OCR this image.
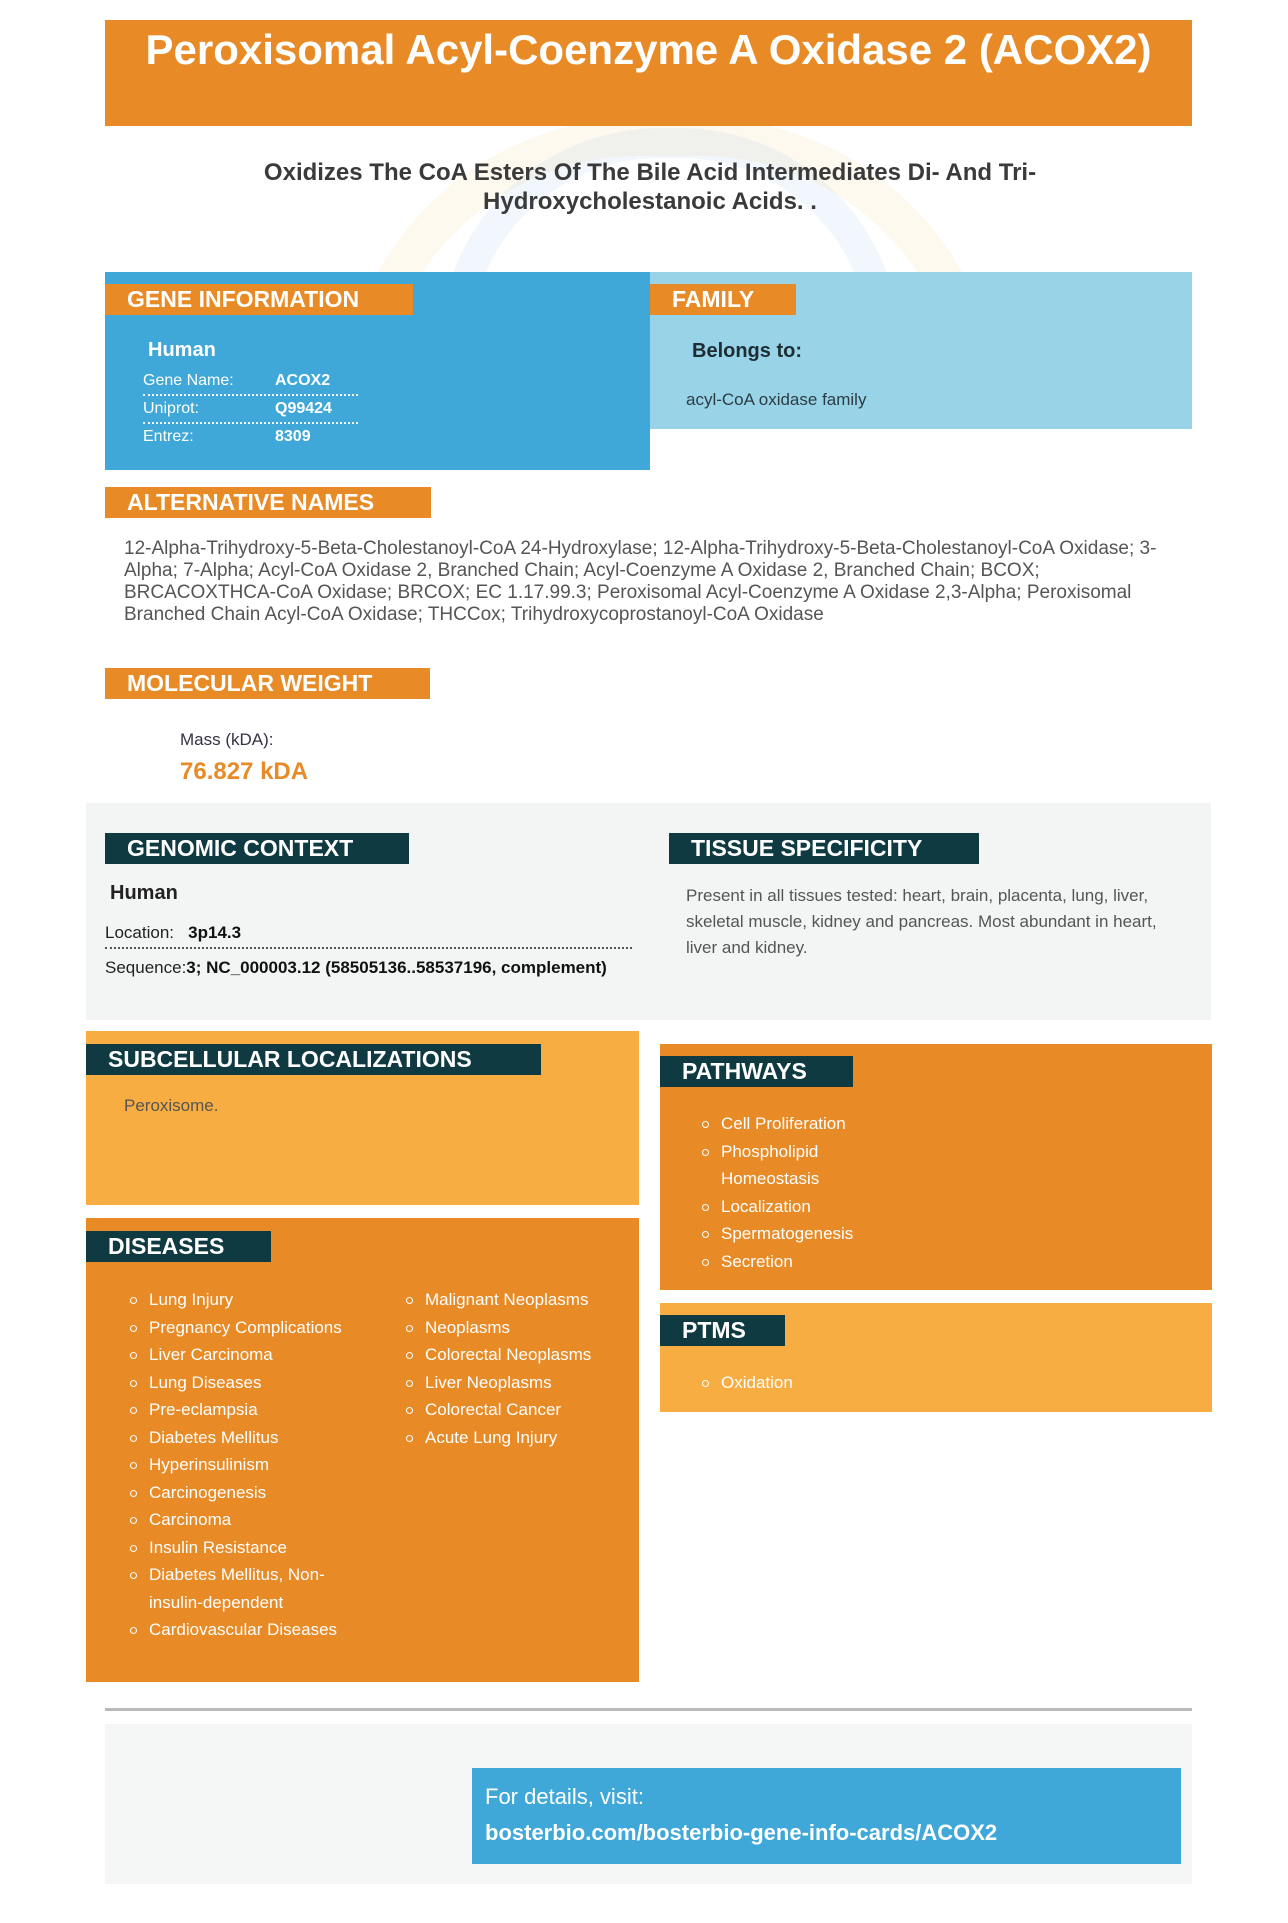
Peroxisomal Acyl-Coenzyme A Oxidase 2 (ACOX2)
Oxidizes The CoA Esters Of The Bile Acid Intermediates Di- And Tri-Hydroxycholestanoic Acids. .
GENE INFORMATION
Human
Gene Name:	ACOX2
Uniprot:	Q99424
Entrez:	8309
FAMILY
Belongs to:
acyl-CoA oxidase family
ALTERNATIVE NAMES
12-Alpha-Trihydroxy-5-Beta-Cholestanoyl-CoA 24-Hydroxylase; 12-Alpha-Trihydroxy-5-Beta-Cholestanoyl-CoA Oxidase; 3-Alpha; 7-Alpha; Acyl-CoA Oxidase 2, Branched Chain; Acyl-Coenzyme A Oxidase 2, Branched Chain; BCOX; BRCACOXTHCA-CoA Oxidase; BRCOX; EC 1.17.99.3; Peroxisomal Acyl-Coenzyme A Oxidase 2,3-Alpha; Peroxisomal Branched Chain Acyl-CoA Oxidase; THCCox; Trihydroxycoprostanoyl-CoA Oxidase
MOLECULAR WEIGHT
Mass (kDA):
76.827 kDA
GENOMIC CONTEXT
Human
Location: 3p14.3
Sequence:3; NC_000003.12 (58505136..58537196, complement)
TISSUE SPECIFICITY
Present in all tissues tested: heart, brain, placenta, lung, liver, skeletal muscle, kidney and pancreas. Most abundant in heart, liver and kidney.
SUBCELLULAR LOCALIZATIONS
Peroxisome.
DISEASES
Lung Injury
Pregnancy Complications
Liver Carcinoma
Lung Diseases
Pre-eclampsia
Diabetes Mellitus
Hyperinsulinism
Carcinogenesis
Carcinoma
Insulin Resistance
Diabetes Mellitus, Non-insulin-dependent
Cardiovascular Diseases
Malignant Neoplasms
Neoplasms
Colorectal Neoplasms
Liver Neoplasms
Colorectal Cancer
Acute Lung Injury
PATHWAYS
Cell Proliferation
Phospholipid Homeostasis
Localization
Spermatogenesis
Secretion
PTMS
Oxidation
For details, visit:
bosterbio.com/bosterbio-gene-info-cards/ACOX2
